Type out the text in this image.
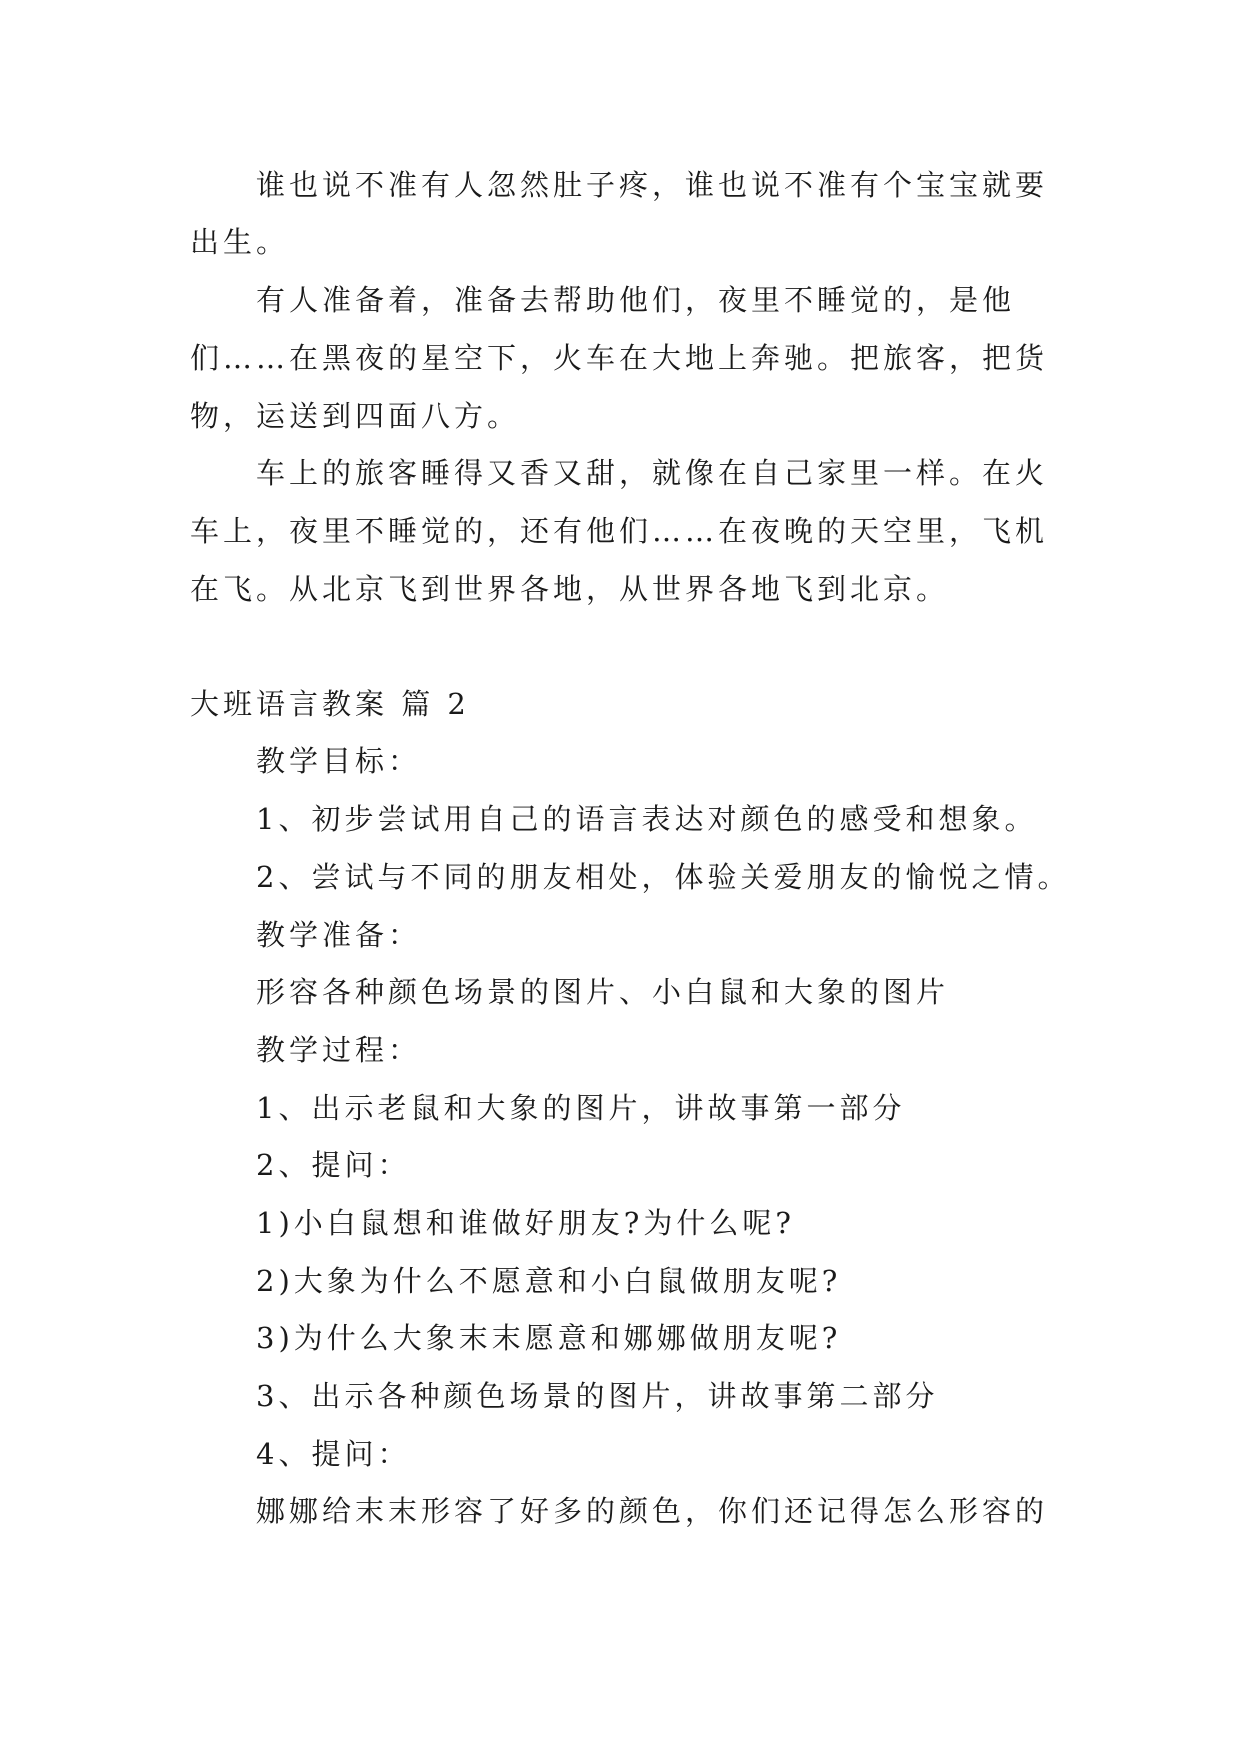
谁也说不准有人忽然肚子疼，谁也说不准有个宝宝就要
出生。
有人准备着，准备去帮助他们，夜里不睡觉的，是他
们……在黑夜的星空下，火车在大地上奔驰。把旅客，把货
物，运送到四面八方。
车上的旅客睡得又香又甜，就像在自己家里一样。在火
车上，夜里不睡觉的，还有他们……在夜晚的天空里，飞机
在飞。从北京飞到世界各地，从世界各地飞到北京。
大班语言教案 篇 2
教学目标：
1、初步尝试用自己的语言表达对颜色的感受和想象。
2、尝试与不同的朋友相处，体验关爱朋友的愉悦之情。
教学准备：
形容各种颜色场景的图片、小白鼠和大象的图片
教学过程：
1、出示老鼠和大象的图片，讲故事第一部分
2、提问：
1)小白鼠想和谁做好朋友?为什么呢?
2)大象为什么不愿意和小白鼠做朋友呢?
3)为什么大象末末愿意和娜娜做朋友呢?
3、出示各种颜色场景的图片，讲故事第二部分
4、提问：
娜娜给末末形容了好多的颜色，你们还记得怎么形容的
